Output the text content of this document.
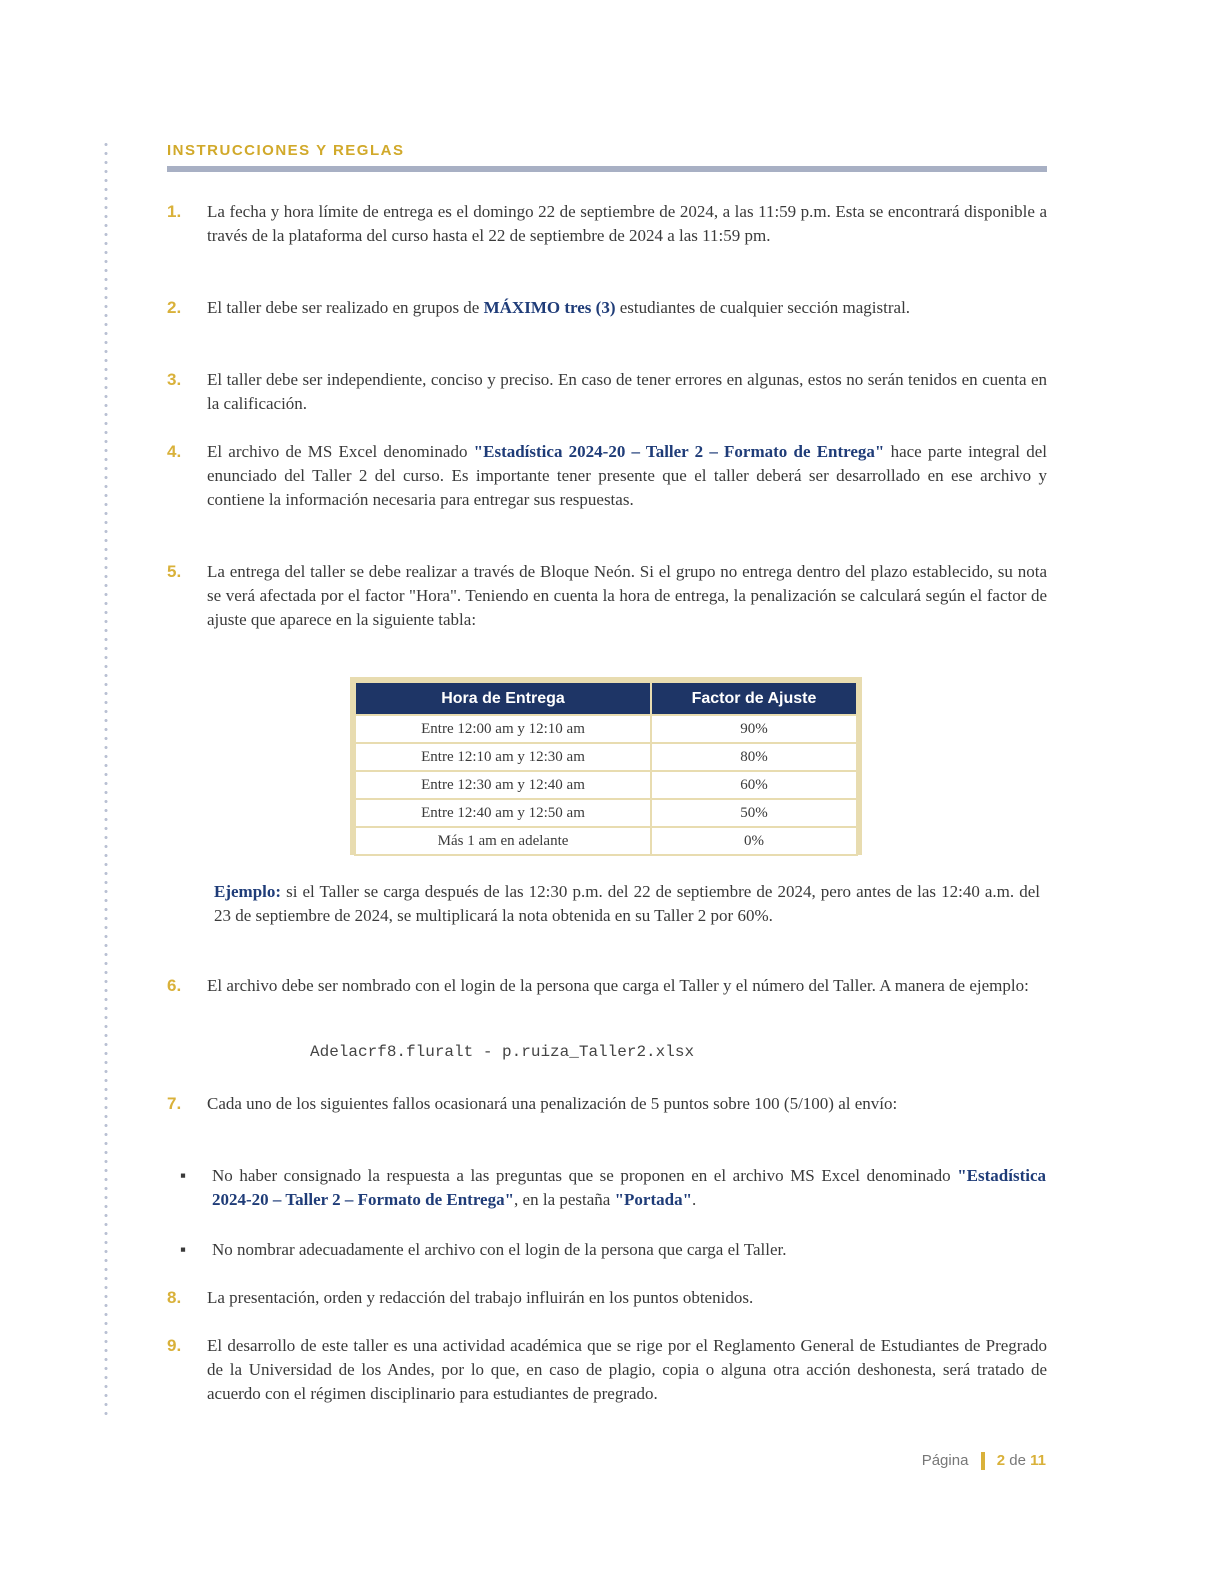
INSTRUCCIONES Y REGLAS
1.	La fecha y hora límite de entrega es el domingo 22 de septiembre de 2024, a las 11:59 p.m. Esta se encontrará disponible a través de la plataforma del curso hasta el 22 de septiembre de 2024 a las 11:59 pm.
2.	El taller debe ser realizado en grupos de MÁXIMO tres (3) estudiantes de cualquier sección magistral.
3.	El taller debe ser independiente, conciso y preciso. En caso de tener errores en algunas, estos no serán tenidos en cuenta en la calificación.
4.	El archivo de MS Excel denominado "Estadística 2024-20 – Taller 2 – Formato de Entrega" hace parte integral del enunciado del Taller 2 del curso. Es importante tener presente que el taller deberá ser desarrollado en ese archivo y contiene la información necesaria para entregar sus respuestas.
5.	La entrega del taller se debe realizar a través de Bloque Neón. Si el grupo no entrega dentro del plazo establecido, su nota se verá afectada por el factor "Hora". Teniendo en cuenta la hora de entrega, la penalización se calculará según el factor de ajuste que aparece en la siguiente tabla:
Hora de Entrega	Factor de Ajuste
Entre 12:00 am y 12:10 am	90%
Entre 12:10 am y 12:30 am	80%
Entre 12:30 am y 12:40 am	60%
Entre 12:40 am y 12:50 am	50%
Más 1 am en adelante	0%
Ejemplo: si el Taller se carga después de las 12:30 p.m. del 22 de septiembre de 2024, pero antes de las 12:40 a.m. del 23 de septiembre de 2024, se multiplicará la nota obtenida en su Taller 2 por 60%.
6.	El archivo debe ser nombrado con el login de la persona que carga el Taller y el número del Taller. A manera de ejemplo:
Adelacrf8.fluralt - p.ruiza_Taller2.xlsx
7.	Cada uno de los siguientes fallos ocasionará una penalización de 5 puntos sobre 100 (5/100) al envío:
▪ No haber consignado la respuesta a las preguntas que se proponen en el archivo MS Excel denominado "Estadística 2024-20 – Taller 2 – Formato de Entrega", en la pestaña "Portada".
▪ No nombrar adecuadamente el archivo con el login de la persona que carga el Taller.
8.	La presentación, orden y redacción del trabajo influirán en los puntos obtenidos.
9.	El desarrollo de este taller es una actividad académica que se rige por el Reglamento General de Estudiantes de Pregrado de la Universidad de los Andes, por lo que, en caso de plagio, copia o alguna otra acción deshonesta, será tratado de acuerdo con el régimen disciplinario para estudiantes de pregrado.
Página 2 de 11
